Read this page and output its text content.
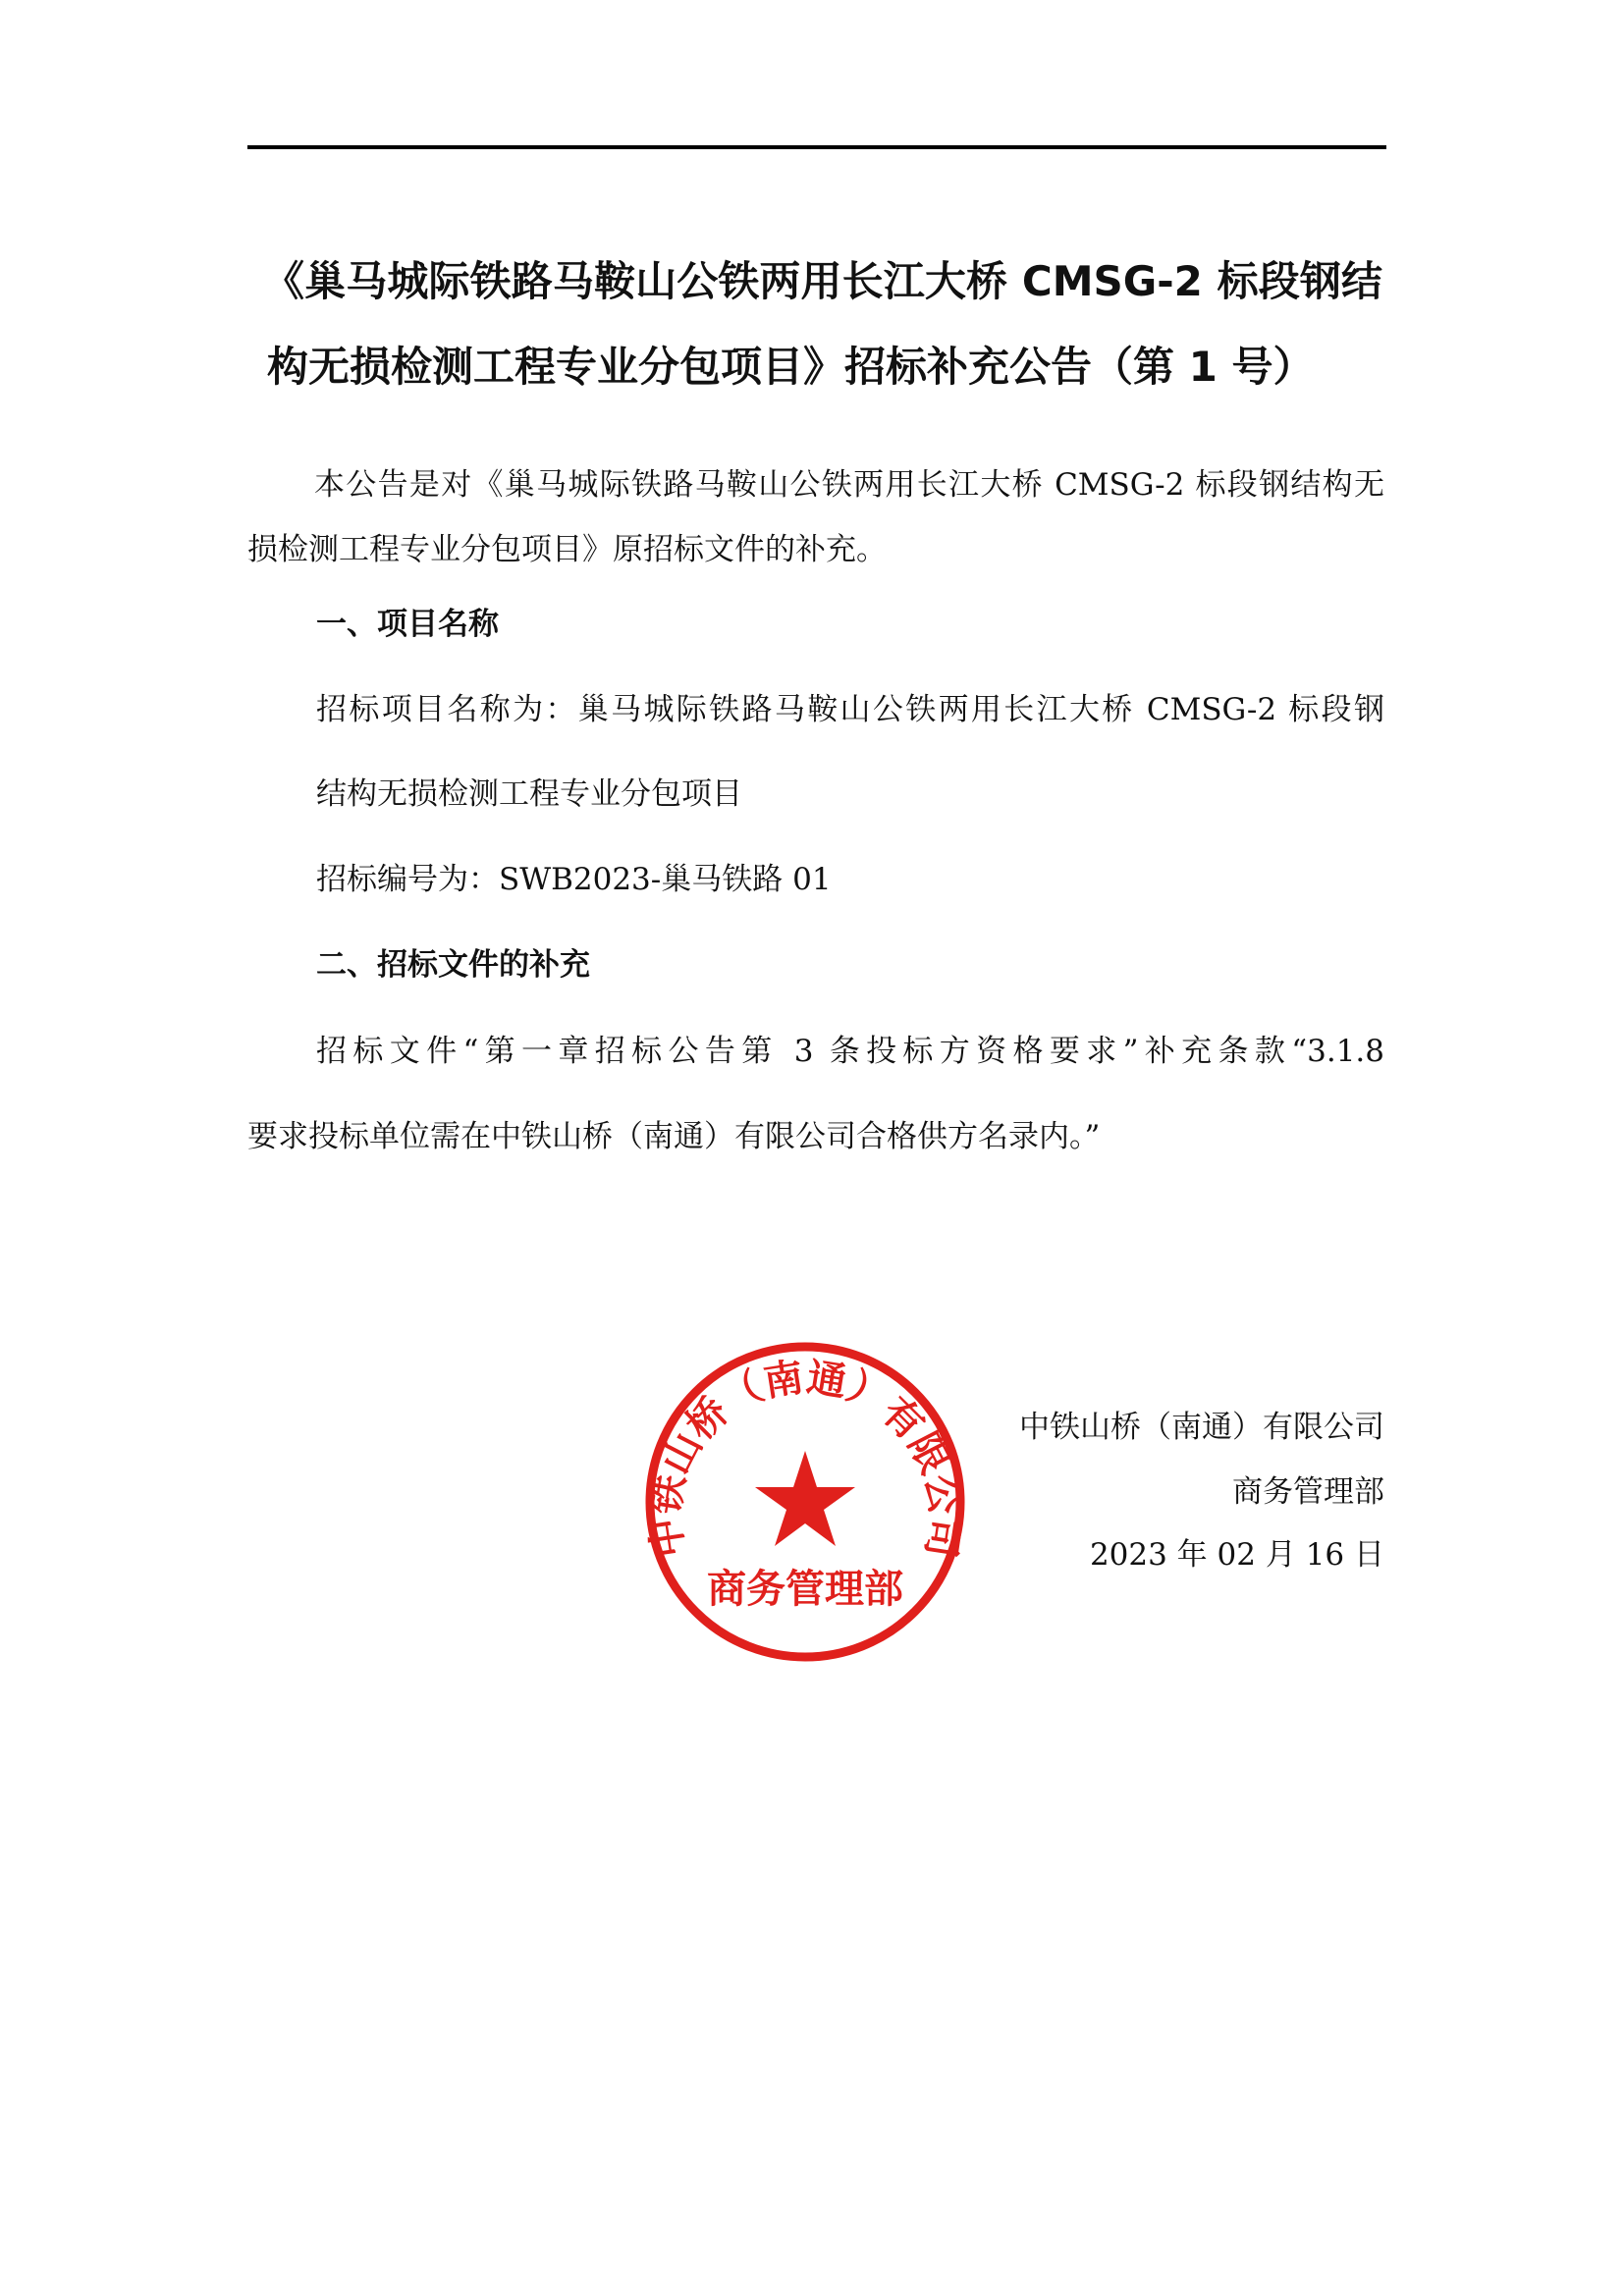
《巢马城际铁路马鞍山公铁两用长江大桥 CMSG-2 标段钢结
构无损检测工程专业分包项目》招标补充公告（第 1 号）
本公告是对《巢马城际铁路马鞍山公铁两用长江大桥 CMSG-2 标段钢结构无
损检测工程专业分包项目》原招标文件的补充。
一、项目名称
招标项目名称为：巢马城际铁路马鞍山公铁两用长江大桥 CMSG-2 标段钢
结构无损检测工程专业分包项目
招标编号为：SWB2023-巢马铁路 01
二、招标文件的补充
招标文件“第一章招标公告第 3 条投标方资格要求”补充条款“3.1.8
要求投标单位需在中铁山桥（南通）有限公司合格供方名录内。”
中铁山桥（南通）有限公司
商务管理部
2023 年 02 月 16 日
中铁山桥（南通）有限公司
商务管理部
